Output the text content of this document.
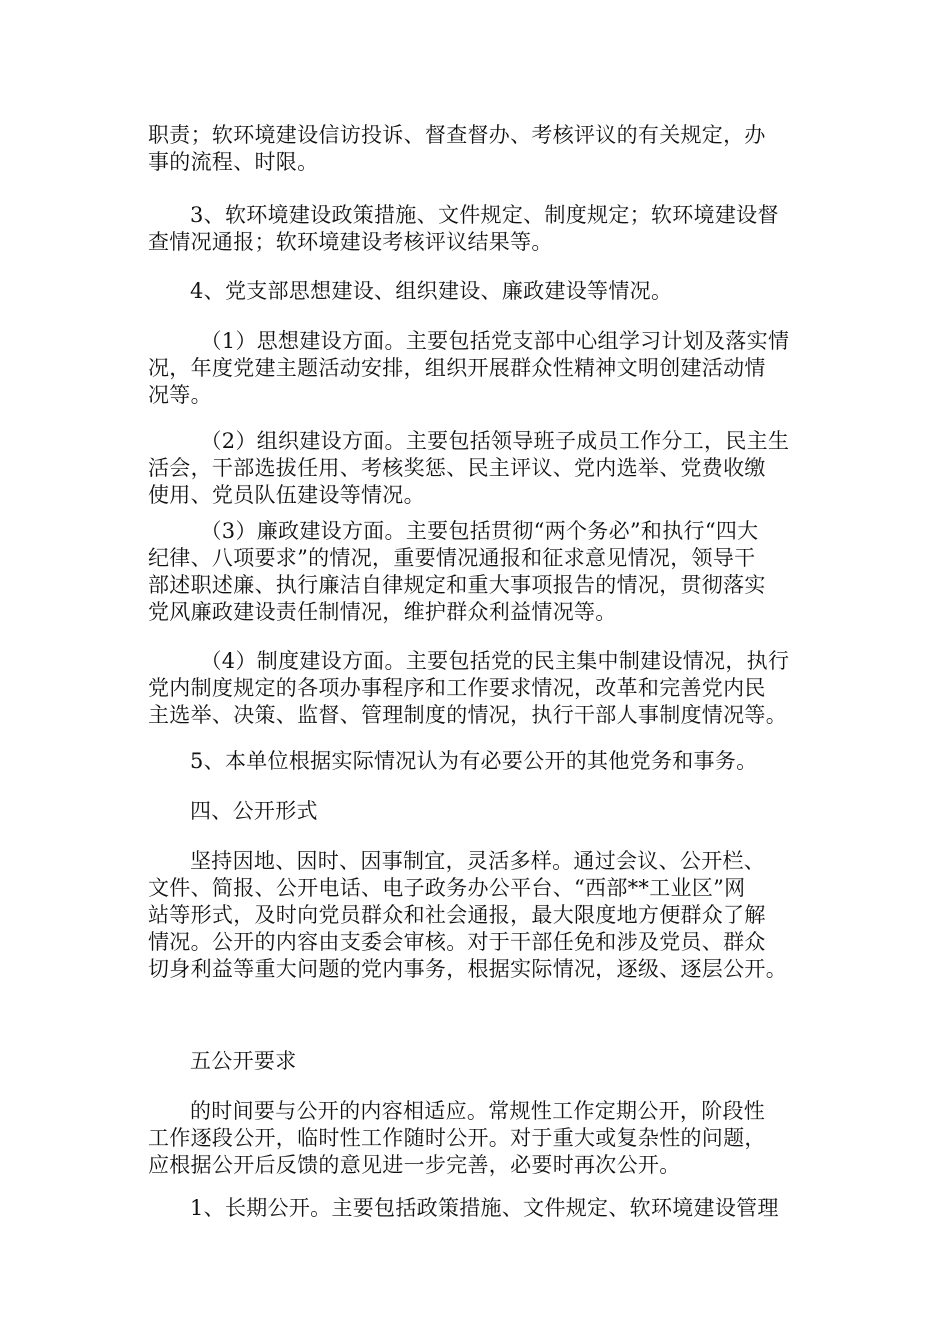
职责；软环境建设信访投诉、督查督办、考核评议的有关规定，办
事的流程、时限。
3、软环境建设政策措施、文件规定、制度规定；软环境建设督
查情况通报；软环境建设考核评议结果等。
4、党支部思想建设、组织建设、廉政建设等情况。
（1）思想建设方面。主要包括党支部中心组学习计划及落实情
况，年度党建主题活动安排，组织开展群众性精神文明创建活动情
况等。
（2）组织建设方面。主要包括领导班子成员工作分工，民主生
活会，干部选拔任用、考核奖惩、民主评议、党内选举、党费收缴
使用、党员队伍建设等情况。
（3）廉政建设方面。主要包括贯彻“两个务必”和执行“四大
纪律、八项要求”的情况，重要情况通报和征求意见情况，领导干
部述职述廉、执行廉洁自律规定和重大事项报告的情况，贯彻落实
党风廉政建设责任制情况，维护群众利益情况等。
（4）制度建设方面。主要包括党的民主集中制建设情况，执行
党内制度规定的各项办事程序和工作要求情况，改革和完善党内民
主选举、决策、监督、管理制度的情况，执行干部人事制度情况等。
5、本单位根据实际情况认为有必要公开的其他党务和事务。
四、公开形式
坚持因地、因时、因事制宜，灵活多样。通过会议、公开栏、
文件、简报、公开电话、电子政务办公平台、“西部**工业区”网
站等形式，及时向党员群众和社会通报，最大限度地方便群众了解
情况。公开的内容由支委会审核。对于干部任免和涉及党员、群众
切身利益等重大问题的党内事务，根据实际情况，逐级、逐层公开。
五公开要求
的时间要与公开的内容相适应。常规性工作定期公开，阶段性
工作逐段公开，临时性工作随时公开。对于重大或复杂性的问题，
应根据公开后反馈的意见进一步完善，必要时再次公开。
1、长期公开。主要包括政策措施、文件规定、软环境建设管理
